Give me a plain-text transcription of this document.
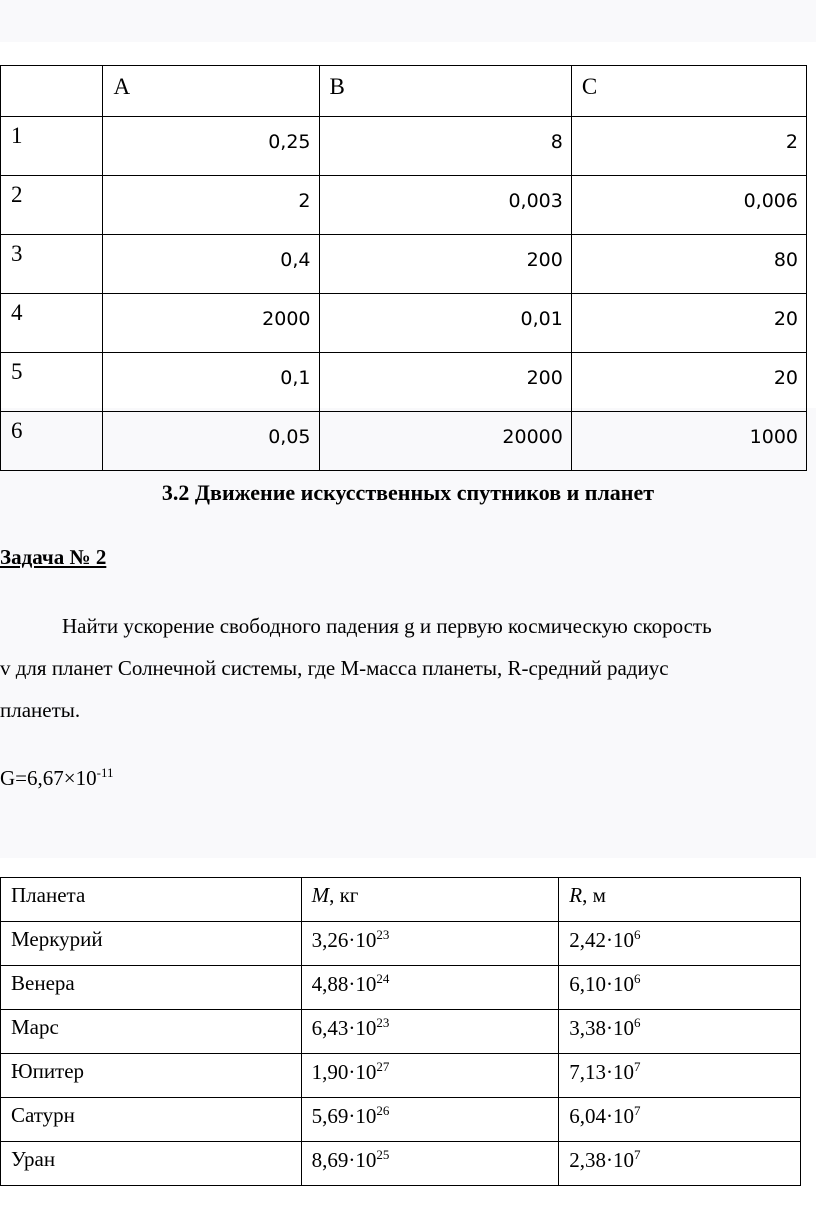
	A	B	C
1	0,25	8	2
2	2	0,003	0,006
3	0,4	200	80
4	2000	0,01	20
5	0,1	200	20
6	0,05	20000	1000
3.2 Движение искусственных спутников и планет
Задача № 2
Найти ускорение свободного падения g и первую космическую скорость
v для планет Солнечной системы, где М-масса планеты, R-средний радиус
планеты.
$G=6,67\times 10^{-11}$
Планета	M, кг	R, м
Меркурий	$3,26\cdot 10^{23}$	$2,42\cdot 10^6$
Венера	$4,88\cdot 10^{24}$	$6,10\cdot 10^6$
Марс	$6,43\cdot 10^{23}$	$3,38\cdot 10^6$
Юпитер	$1,90\cdot 10^{27}$	$7,13\cdot 10^7$
Сатурн	$5,69\cdot 10^{26}$	$6,04\cdot 10^7$
Уран	$8,69\cdot 10^{25}$	$2,38\cdot 10^7$
